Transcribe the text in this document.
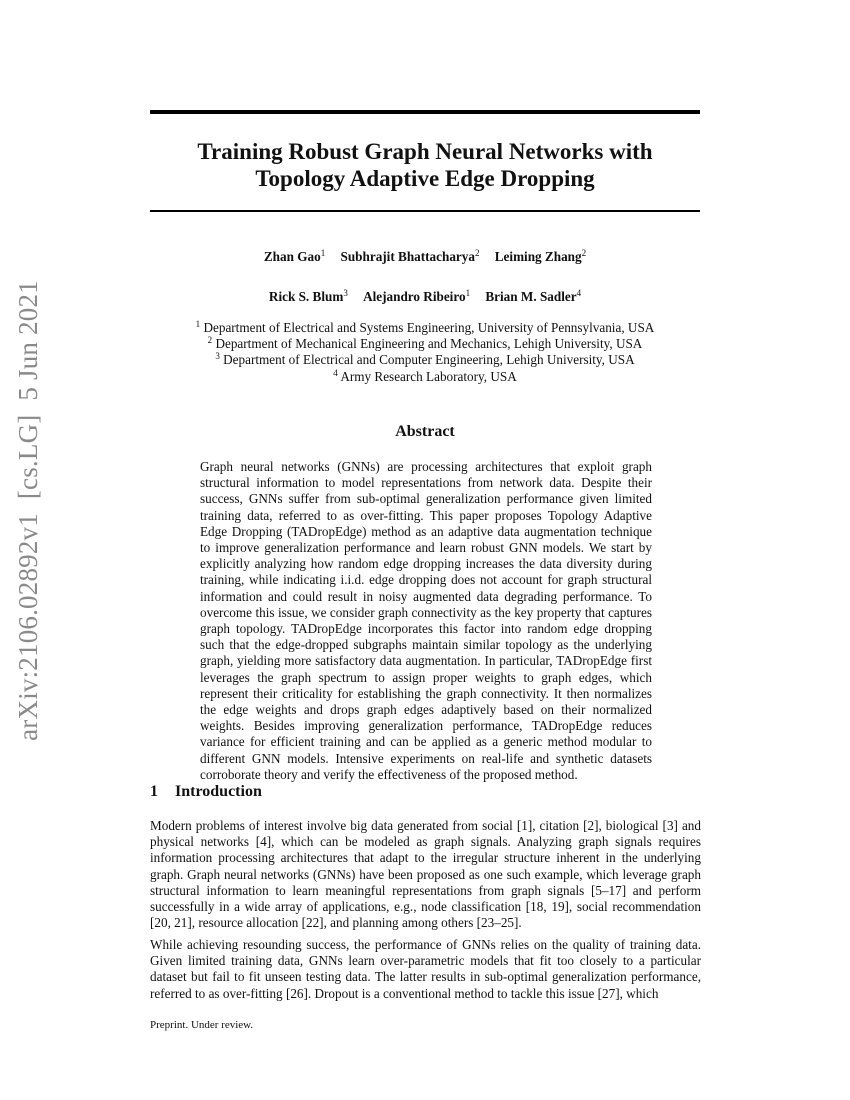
arXiv:2106.02892v1  [cs.LG]  5 Jun 2021
Training Robust Graph Neural Networks with
Topology Adaptive Edge Dropping
Zhan Gao$^1$ Subhrajit Bhattacharya$^2$ Leiming Zhang$^2$
Rick S. Blum$^3$ Alejandro Ribeiro$^1$ Brian M. Sadler$^4$
$^1$ Department of Electrical and Systems Engineering, University of Pennsylvania, USA
$^2$ Department of Mechanical Engineering and Mechanics, Lehigh University, USA
$^3$ Department of Electrical and Computer Engineering, Lehigh University, USA
$^4$ Army Research Laboratory, USA
Abstract
Graph neural networks (GNNs) are processing architectures that exploit graph structural information to model representations from network data. Despite their success, GNNs suffer from sub-optimal generalization performance given limited training data, referred to as over-fitting. This paper proposes Topology Adaptive Edge Dropping (TADropEdge) method as an adaptive data augmentation technique to improve generalization performance and learn robust GNN models. We start by explicitly analyzing how random edge dropping increases the data diversity during training, while indicating i.i.d. edge dropping does not account for graph structural information and could result in noisy augmented data degrading performance. To overcome this issue, we consider graph connectivity as the key property that captures graph topology. TADropEdge incorporates this factor into random edge dropping such that the edge-dropped subgraphs maintain similar topology as the underlying graph, yielding more satisfactory data augmentation. In particular, TADropEdge first leverages the graph spectrum to assign proper weights to graph edges, which represent their criticality for establishing the graph connectivity. It then normalizes the edge weights and drops graph edges adaptively based on their normalized weights. Besides improving generalization performance, TADropEdge reduces variance for efficient training and can be applied as a generic method modular to different GNN models. Intensive experiments on real-life and synthetic datasets corroborate theory and verify the effectiveness of the proposed method.
1 Introduction
Modern problems of interest involve big data generated from social [1], citation [2], biological [3] and physical networks [4], which can be modeled as graph signals. Analyzing graph signals requires information processing architectures that adapt to the irregular structure inherent in the underlying graph. Graph neural networks (GNNs) have been proposed as one such example, which leverage graph structural information to learn meaningful representations from graph signals [5–17] and perform successfully in a wide array of applications, e.g., node classification [18, 19], social recommendation [20, 21], resource allocation [22], and planning among others [23–25].
While achieving resounding success, the performance of GNNs relies on the quality of training data. Given limited training data, GNNs learn over-parametric models that fit too closely to a particular dataset but fail to fit unseen testing data. The latter results in sub-optimal generalization performance, referred to as over-fitting [26]. Dropout is a conventional method to tackle this issue [27], which
Preprint. Under review.
